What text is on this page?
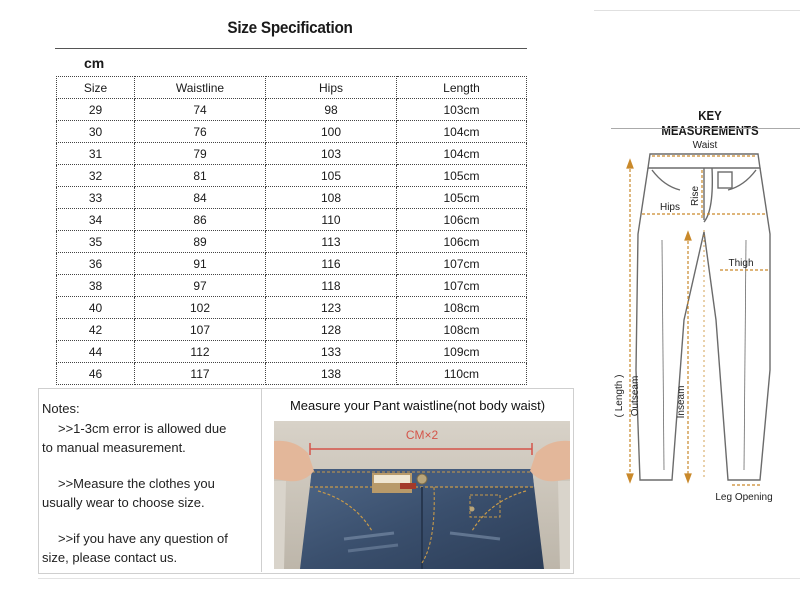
Size Specification
cm
Size	Waistline	Hips	Length
29	74	98	103cm
30	76	100	104cm
31	79	103	104cm
32	81	105	105cm
33	84	108	105cm
34	86	110	106cm
35	89	113	106cm
36	91	116	107cm
38	97	118	107cm
40	102	123	108cm
42	107	128	108cm
44	112	133	109cm
46	117	138	110cm

Notes:

>>1-3cm error is allowed due
to manual measurement.

>>Measure the clothes you
usually wear to choose size.

>>if you have any question of
size, please contact us.

Measure your Pant waistline(not body waist)
CM×2
KEY MEASUREMENTS
Waist
Rise
Hips
Thigh
( Length ) Outseam	Inseam
Leg Opening
